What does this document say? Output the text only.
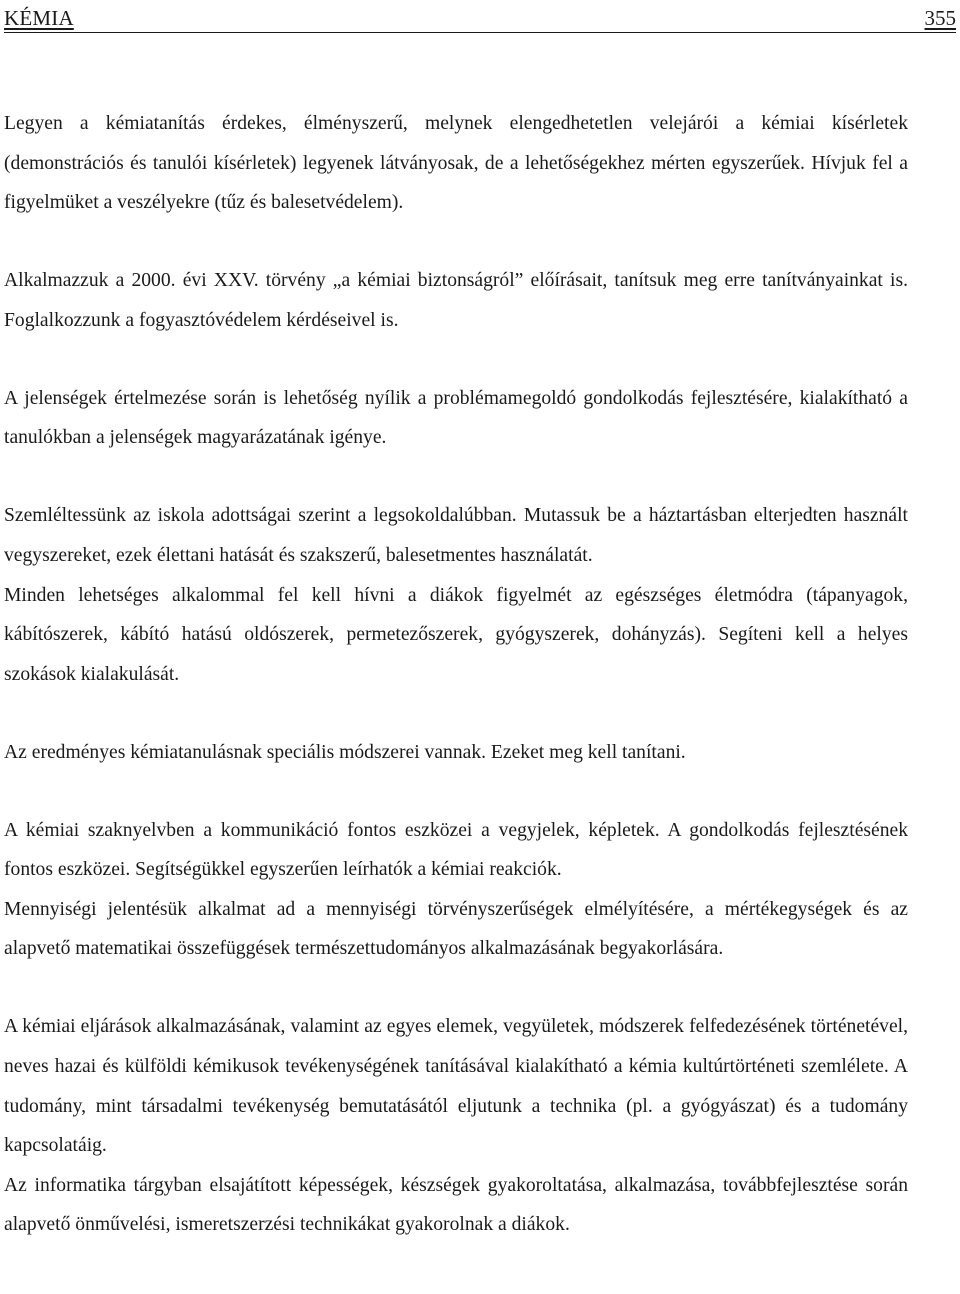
KÉMIA	355

Legyen a kémiatanítás érdekes, élményszerű, melynek elengedhetetlen velejárói a kémiai kísérletek (demonstrációs és tanulói kísérletek) legyenek látványosak, de a lehetőségekhez mérten egyszerűek. Hívjuk fel a figyelmüket a veszélyekre (tűz és balesetvédelem).

Alkalmazzuk a 2000. évi XXV. törvény „a kémiai biztonságról” előírásait, tanítsuk meg erre tanítványainkat is. Foglalkozzunk a fogyasztóvédelem kérdéseivel is.

A jelenségek értelmezése során is lehetőség nyílik a problémamegoldó gondolkodás fejlesztésére, kialakítható a tanulókban a jelenségek magyarázatának igénye.

Szemléltessünk az iskola adottságai szerint a legsokoldalúbban. Mutassuk be a háztartásban elterjedten használt vegyszereket, ezek élettani hatását és szakszerű, balesetmentes használatát.

Minden lehetséges alkalommal fel kell hívni a diákok figyelmét az egészséges életmódra (tápanyagok, kábítószerek, kábító hatású oldószerek, permetezőszerek, gyógyszerek, dohányzás). Segíteni kell a helyes szokások kialakulását.

Az eredményes kémiatanulásnak speciális módszerei vannak. Ezeket meg kell tanítani.

A kémiai szaknyelvben a kommunikáció fontos eszközei a vegyjelek, képletek. A gondolkodás fejlesztésének fontos eszközei. Segítségükkel egyszerűen leírhatók a kémiai reakciók.

Mennyiségi jelentésük alkalmat ad a mennyiségi törvényszerűségek elmélyítésére, a mértékegységek és az alapvető matematikai összefüggések természettudományos alkalmazásának begyakorlására.

A kémiai eljárások alkalmazásának, valamint az egyes elemek, vegyületek, módszerek felfedezésének történetével, neves hazai és külföldi kémikusok tevékenységének tanításával kialakítható a kémia kultúrtörténeti szemlélete. A tudomány, mint társadalmi tevékenység bemutatásától eljutunk a technika (pl. a gyógyászat) és a tudomány kapcsolatáig.

Az informatika tárgyban elsajátított képességek, készségek gyakoroltatása, alkalmazása, továbbfejlesztése során alapvető önművelési, ismeretszerzési technikákat gyakorolnak a diákok.
